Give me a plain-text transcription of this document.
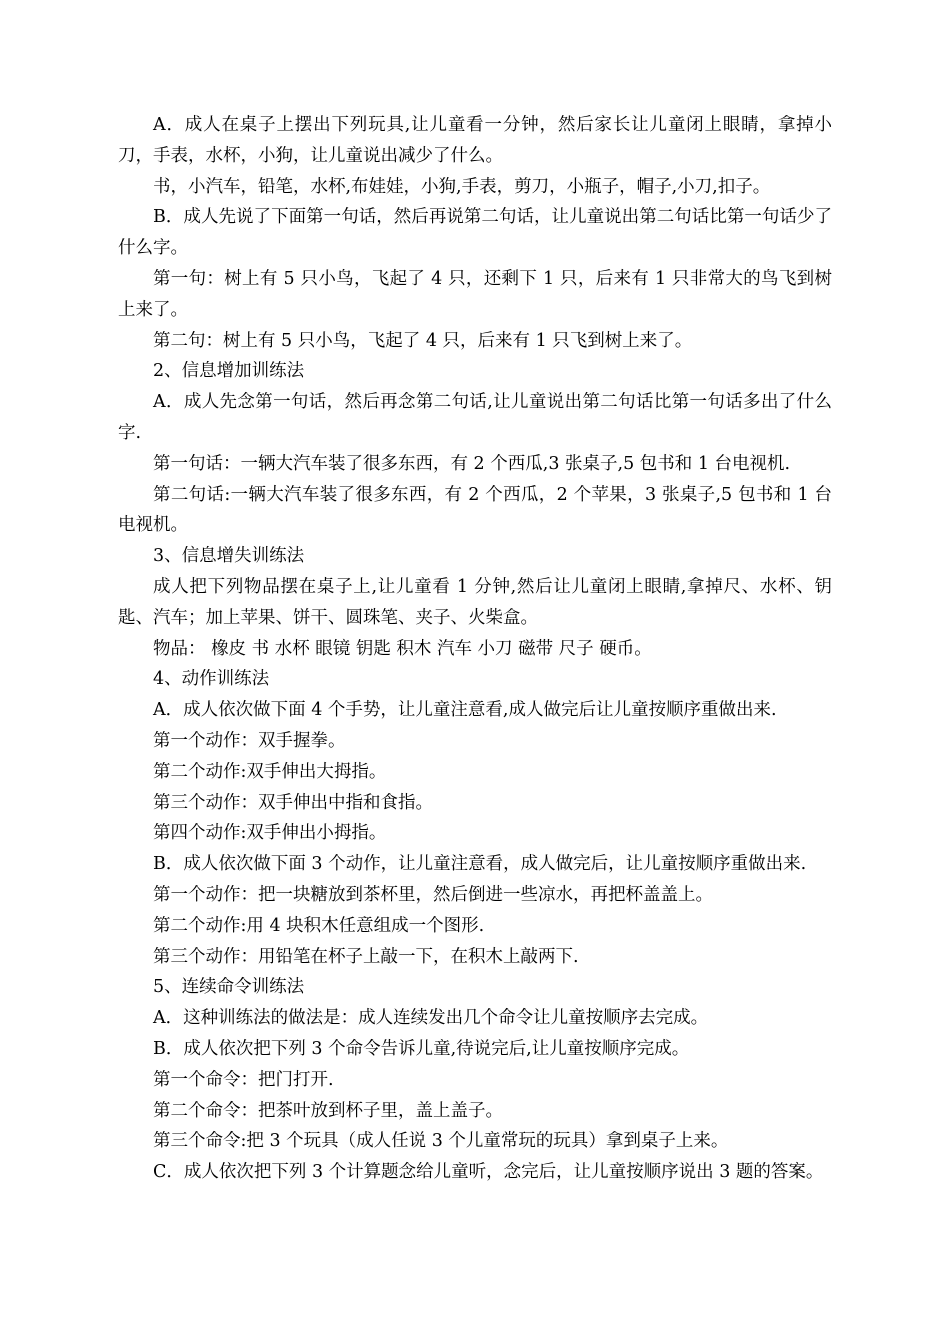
A．成人在桌子上摆出下列玩具,让儿童看一分钟，然后家长让儿童闭上眼睛，拿掉小刀，手表，水杯，小狗，让儿童说出减少了什么。

书，小汽车，铅笔，水杯,布娃娃，小狗,手表，剪刀，小瓶子，帽子,小刀,扣子。

B．成人先说了下面第一句话，然后再说第二句话，让儿童说出第二句话比第一句话少了什么字。

第一句：树上有 5 只小鸟，飞起了 4 只，还剩下 1 只，后来有 1 只非常大的鸟飞到树上来了。

第二句：树上有 5 只小鸟，飞起了 4 只，后来有 1 只飞到树上来了。

2、信息增加训练法

A．成人先念第一句话，然后再念第二句话,让儿童说出第二句话比第一句话多出了什么字.

第一句话：一辆大汽车装了很多东西，有 2 个西瓜,3 张桌子,5 包书和 1 台电视机.

第二句话:一辆大汽车装了很多东西，有 2 个西瓜，2 个苹果，3 张桌子,5 包书和 1 台电视机。

3、信息增失训练法

成人把下列物品摆在桌子上,让儿童看 1 分钟,然后让儿童闭上眼睛,拿掉尺、水杯、钥匙、汽车；加上苹果、饼干、圆珠笔、夹子、火柴盒。

物品： 橡皮 书 水杯 眼镜 钥匙 积木 汽车 小刀 磁带 尺子 硬币。

4、动作训练法

A．成人依次做下面 4 个手势，让儿童注意看,成人做完后让儿童按顺序重做出来.

第一个动作：双手握拳。

第二个动作:双手伸出大拇指。

第三个动作：双手伸出中指和食指。

第四个动作:双手伸出小拇指。

B．成人依次做下面 3 个动作，让儿童注意看，成人做完后，让儿童按顺序重做出来.

第一个动作：把一块糖放到茶杯里，然后倒进一些凉水，再把杯盖盖上。

第二个动作:用 4 块积木任意组成一个图形.

第三个动作：用铅笔在杯子上敲一下，在积木上敲两下.

5、连续命令训练法

A．这种训练法的做法是：成人连续发出几个命令让儿童按顺序去完成。

B．成人依次把下列 3 个命令告诉儿童,待说完后,让儿童按顺序完成。

第一个命令：把门打开.

第二个命令：把茶叶放到杯子里，盖上盖子。

第三个命令:把 3 个玩具（成人任说 3 个儿童常玩的玩具）拿到桌子上来。

C．成人依次把下列 3 个计算题念给儿童听，念完后，让儿童按顺序说出 3 题的答案。
